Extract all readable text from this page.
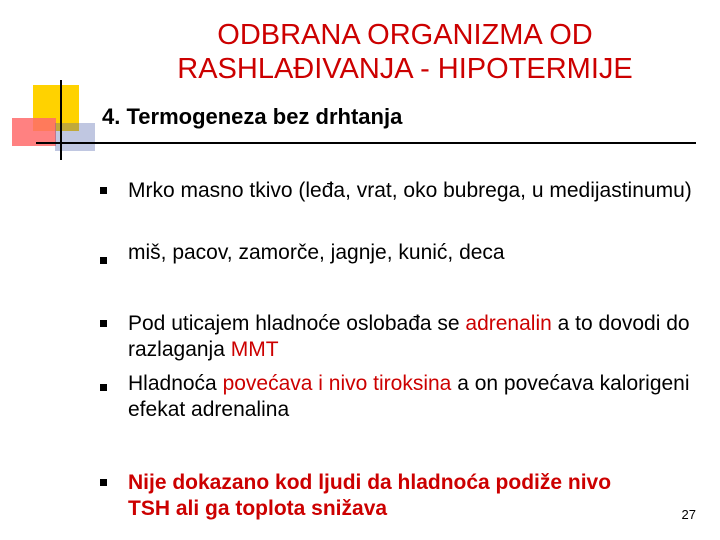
ODBRANA ORGANIZMA OD
RASHLAĐIVANJA - HIPOTERMIJE
4. Termogeneza bez drhtanja
Mrko masno tkivo (leđa, vrat, oko bubrega, u medijastinumu)
miš, pacov, zamorče, jagnje, kunić, deca
Pod uticajem hladnoće oslobađa se adrenalin a to dovodi do razlaganja MMT
Hladnoća povećava i nivo tiroksina a on povećava kalorigeni efekat adrenalina
Nije dokazano kod ljudi da hladnoća podiže nivo TSH ali ga toplota snižava	27
